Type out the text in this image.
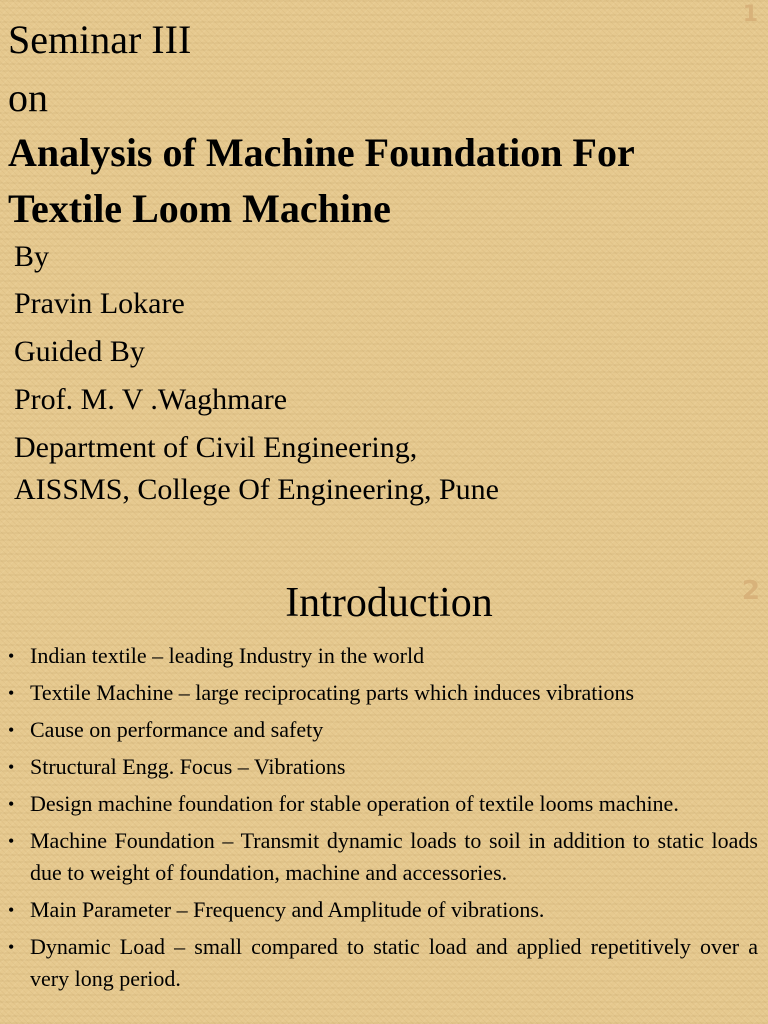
1
Seminar III
on
Analysis of Machine Foundation For
Textile Loom Machine

By

Pravin Lokare

Guided By

Prof. M. V .Waghmare

Department of Civil Engineering,

AISSMS, College Of Engineering, Pune

2
Introduction
• Indian textile – leading Industry in the world
• Textile Machine – large reciprocating parts which induces vibrations
• Cause on performance and safety
• Structural Engg. Focus – Vibrations
• Design machine foundation for stable operation of textile looms machine.
• Machine Foundation – Transmit dynamic loads to soil in addition to static loads due to weight of foundation, machine and accessories.
• Main Parameter – Frequency and Amplitude of vibrations.
• Dynamic Load – small compared to static load and applied repetitively over a very long period.
